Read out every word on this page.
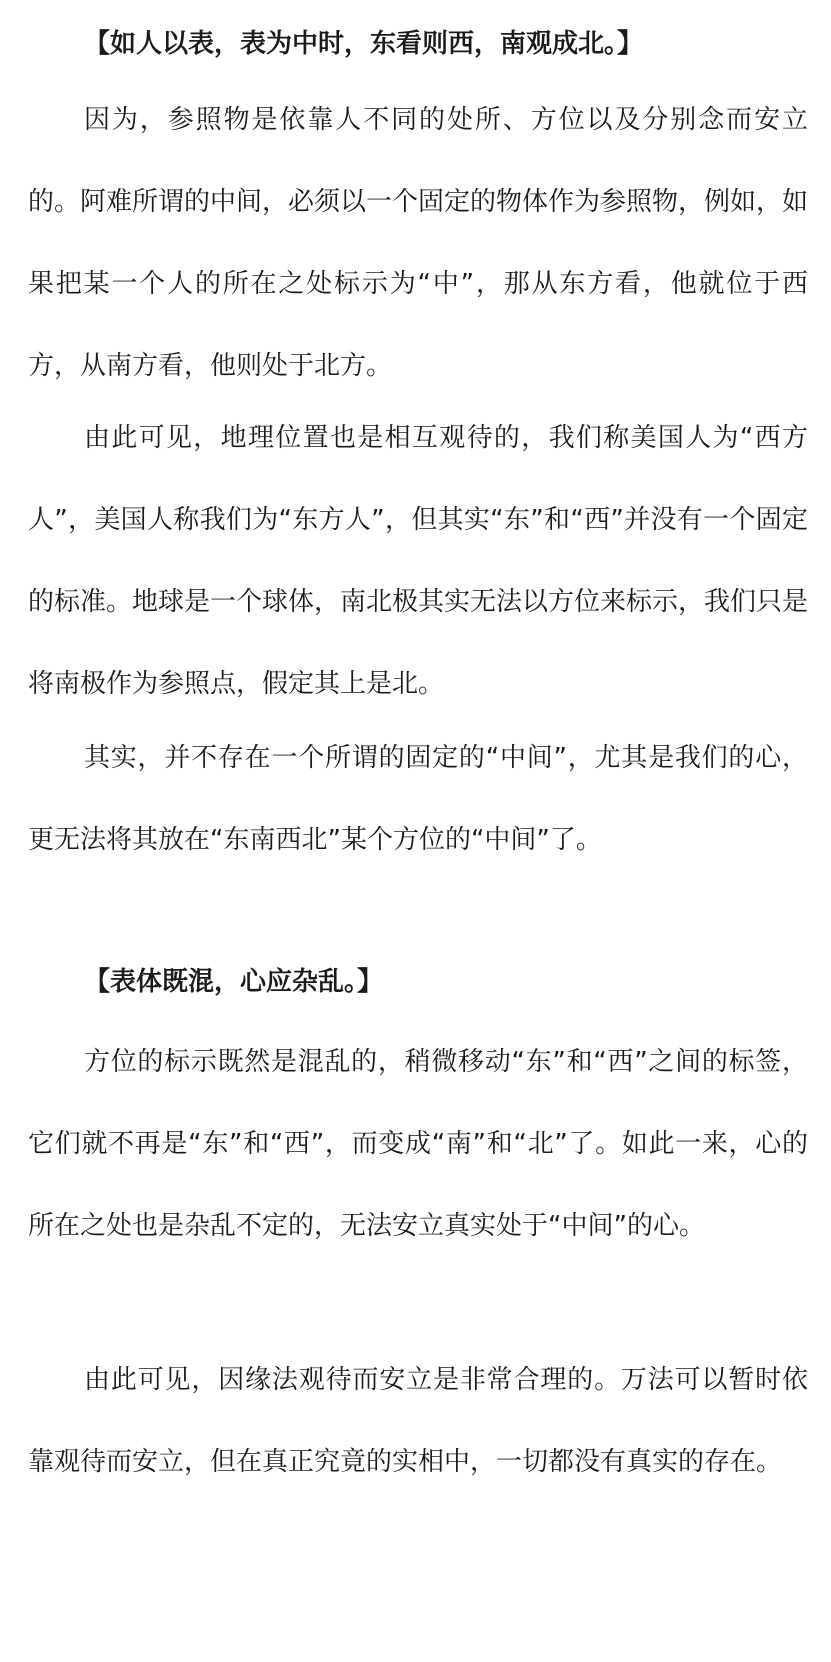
【如人以表，表为中时，东看则西，南观成北。】

因为，参照物是依靠人不同的处所、方位以及分别念而安立的。阿难所谓的中间，必须以一个固定的物体作为参照物，例如，如果把某一个人的所在之处标示为“中”，那从东方看，他就位于西方，从南方看，他则处于北方。

由此可见，地理位置也是相互观待的，我们称美国人为“西方人”，美国人称我们为“东方人”，但其实“东”和“西”并没有一个固定的标准。地球是一个球体，南北极其实无法以方位来标示，我们只是将南极作为参照点，假定其上是北。

其实，并不存在一个所谓的固定的“中间”，尤其是我们的心，更无法将其放在“东南西北”某个方位的“中间”了。

【表体既混，心应杂乱。】

方位的标示既然是混乱的，稍微移动“东”和“西”之间的标签，它们就不再是“东”和“西”，而变成“南”和“北”了。如此一来，心的所在之处也是杂乱不定的，无法安立真实处于“中间”的心。

由此可见，因缘法观待而安立是非常合理的。万法可以暂时依靠观待而安立，但在真正究竟的实相中，一切都没有真实的存在。
